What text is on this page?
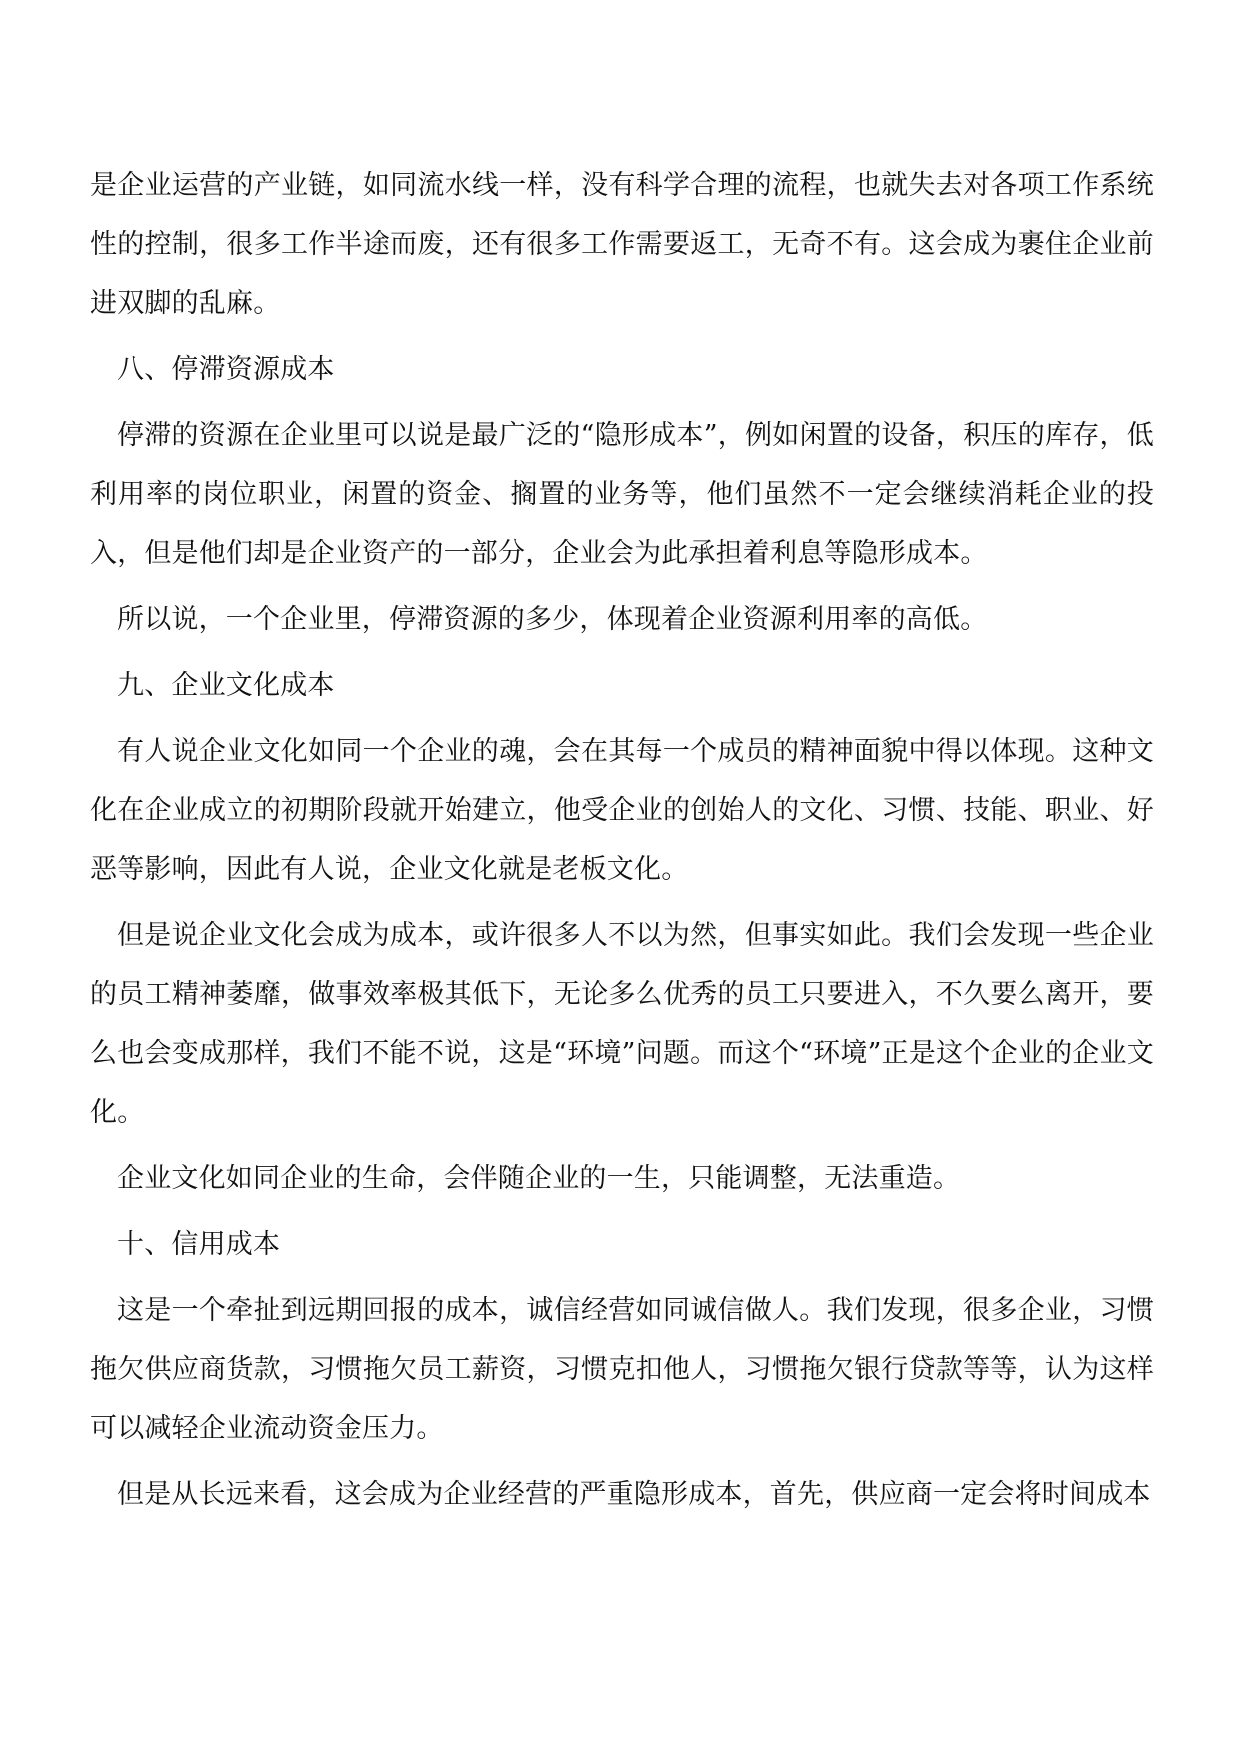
是企业运营的产业链，如同流水线一样，没有科学合理的流程，也就失去对各项工作系统性的控制，很多工作半途而废，还有很多工作需要返工，无奇不有。这会成为裹住企业前进双脚的乱麻。

八、停滞资源成本

停滞的资源在企业里可以说是最广泛的“隐形成本”，例如闲置的设备，积压的库存，低利用率的岗位职业，闲置的资金、搁置的业务等，他们虽然不一定会继续消耗企业的投入，但是他们却是企业资产的一部分，企业会为此承担着利息等隐形成本。

所以说，一个企业里，停滞资源的多少，体现着企业资源利用率的高低。

九、企业文化成本

有人说企业文化如同一个企业的魂，会在其每一个成员的精神面貌中得以体现。这种文化在企业成立的初期阶段就开始建立，他受企业的创始人的文化、习惯、技能、职业、好恶等影响，因此有人说，企业文化就是老板文化。

但是说企业文化会成为成本，或许很多人不以为然，但事实如此。我们会发现一些企业的员工精神萎靡，做事效率极其低下，无论多么优秀的员工只要进入，不久要么离开，要么也会变成那样，我们不能不说，这是“环境”问题。而这个“环境”正是这个企业的企业文化。

企业文化如同企业的生命，会伴随企业的一生，只能调整，无法重造。

十、信用成本

这是一个牵扯到远期回报的成本，诚信经营如同诚信做人。我们发现，很多企业，习惯拖欠供应商货款，习惯拖欠员工薪资，习惯克扣他人，习惯拖欠银行贷款等等，认为这样可以减轻企业流动资金压力。

但是从长远来看，这会成为企业经营的严重隐形成本，首先，供应商一定会将时间成本
